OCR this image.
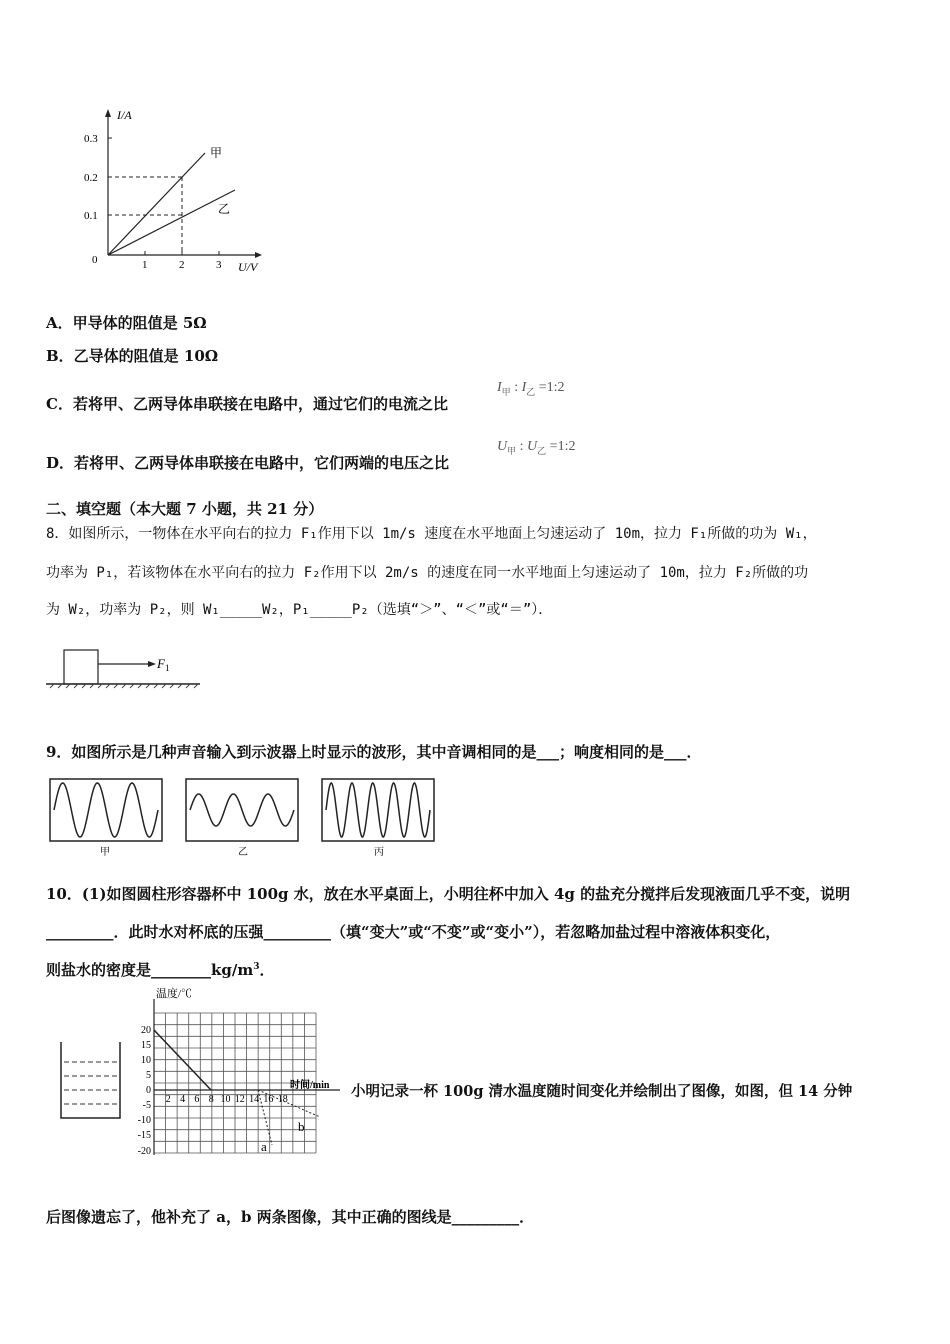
I/A
U/V
0.3
0.2
0.1
0	1	2	3
甲
乙
A．甲导体的阻值是 5Ω
B．乙导体的阻值是 10Ω
C．若将甲、乙两导体串联接在电路中，通过它们的电流之比
$I_甲$ : $I_乙$ =1:2
D．若将甲、乙两导体串联接在电路中，它们两端的电压之比
$U_甲$ : $U_乙$ =1:2
二、填空题（本大题 7 小题，共 21 分）
8．如图所示，一物体在水平向右的拉力 F₁作用下以 1m/s 速度在水平地面上匀速运动了 10m，拉力 F₁所做的功为 W₁，
功率为 P₁，若该物体在水平向右的拉力 F₂作用下以 2m/s 的速度在同一水平地面上匀速运动了 10m，拉力 F₂所做的功
为 W₂，功率为 P₂，则 W₁_____W₂，P₁_____P₂（选填“＞”、“＜”或“＝”）．
F 1
9．如图所示是几种声音输入到示波器上时显示的波形，其中音调相同的是___；响度相同的是___．
甲	乙	丙
10．(1)如图圆柱形容器杯中 100g 水，放在水平桌面上，小明往杯中加入 4g 的盐充分搅拌后发现液面几乎不变，说明
_________．此时水对杯底的压强_________（填“变大”或“不变”或“变小”），若忽略加盐过程中溶液体积变化，
则盐水的密度是$\_\_\_\_\_\_\_\_kg/m^3$．
温度/℃
20
15
10
5
0
-5
-10
-15
-20
2 4 6 8 10 12 14 16 18
时间/min
a
b
小明记录一杯 100g 清水温度随时间变化并绘制出了图像，如图，但 14 分钟
后图像遗忘了，他补充了 a，b 两条图像，其中正确的图线是_________．
